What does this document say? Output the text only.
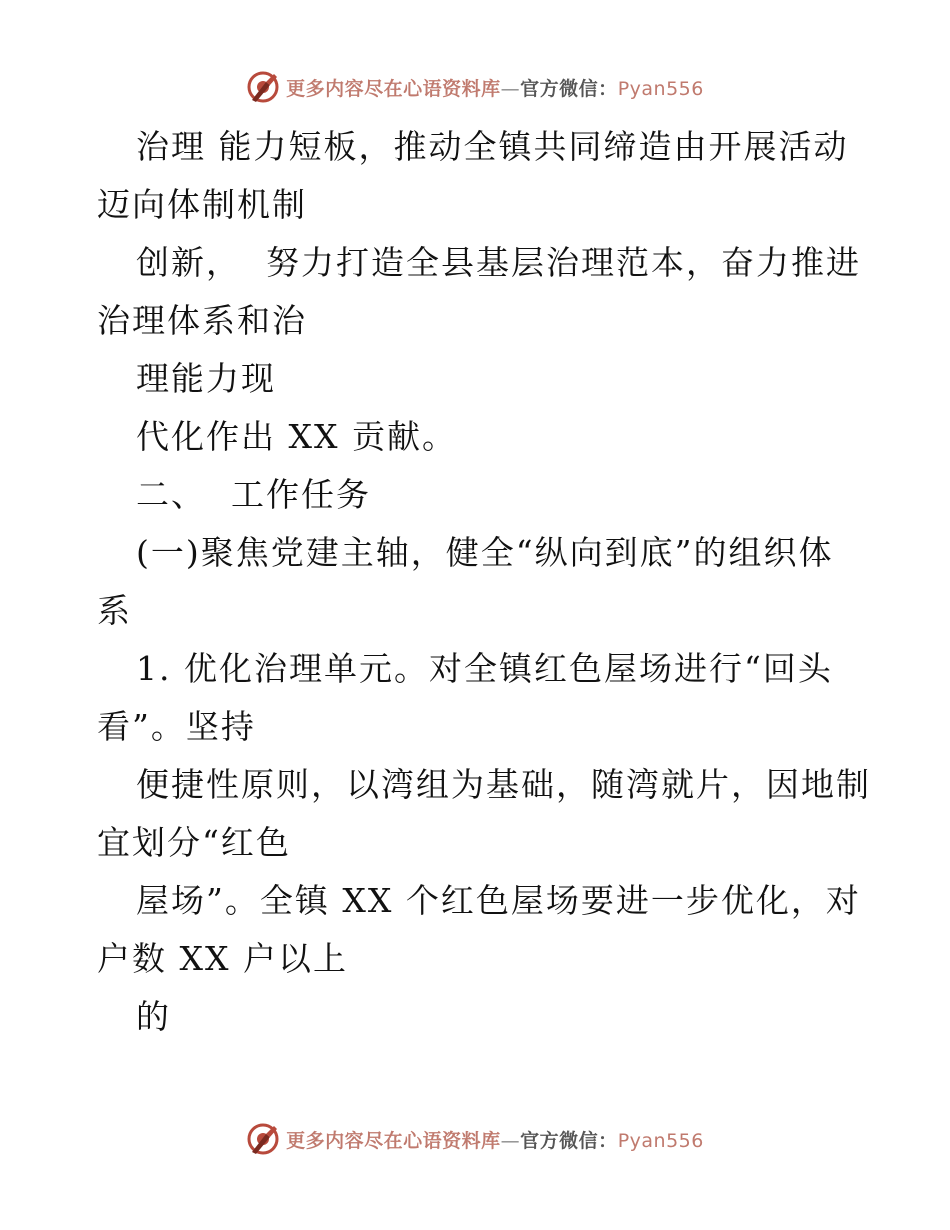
更多内容尽在心语资料库—官方微信：Pyan556

治理 能力短板，推动全镇共同缔造由开展活动

迈向体制机制

创新，  努力打造全县基层治理范本，奋力推进

治理体系和治

理能力现

代化作出 XX 贡献。

二、  工作任务

(一)聚焦党建主轴，健全“纵向到底”的组织体

系

1. 优化治理单元。对全镇红色屋场进行“回头

看”。坚持

便捷性原则，以湾组为基础，随湾就片，因地制

宜划分“红色

屋场”。全镇 XX 个红色屋场要进一步优化，对

户数 XX 户以上

的

更多内容尽在心语资料库—官方微信：Pyan556
